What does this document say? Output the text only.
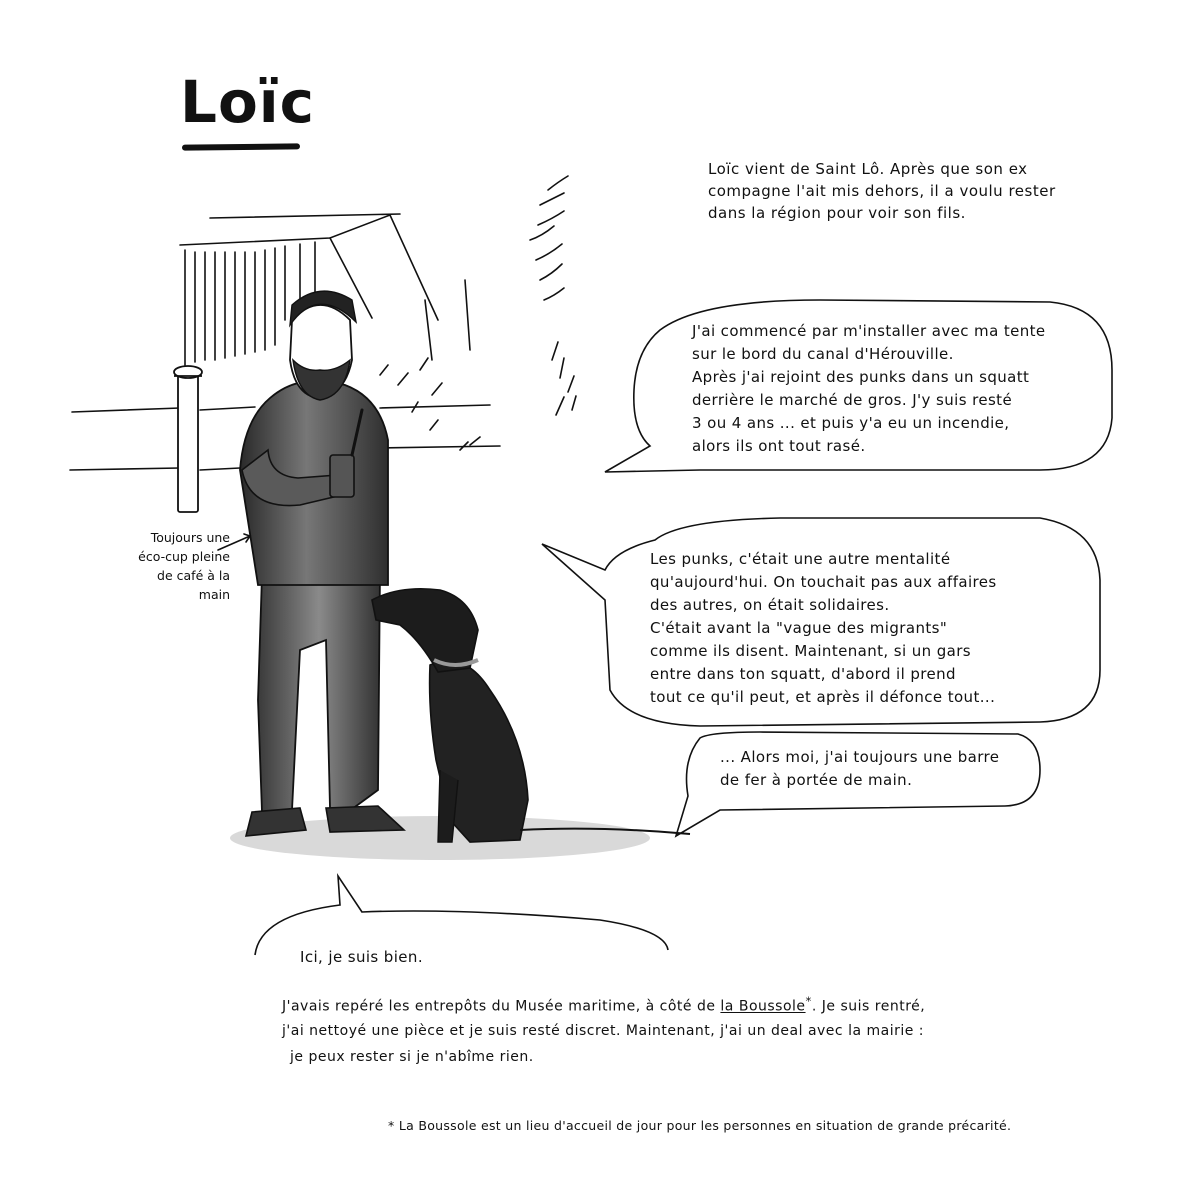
Loïc
Loïc vient de Saint Lô. Après que son ex
compagne l'ait mis dehors, il a voulu rester
dans la région pour voir son fils.
Toujours une
éco-cup pleine
de café à la
main
J'ai commencé par m'installer avec ma tente
sur le bord du canal d'Hérouville.
Après j'ai rejoint des punks dans un squatt
derrière le marché de gros. J'y suis resté
3 ou 4 ans ... et puis y'a eu un incendie,
alors ils ont tout rasé.
Les punks, c'était une autre mentalité
qu'aujourd'hui. On touchait pas aux affaires
des autres, on était solidaires.
C'était avant la "vague des migrants"
comme ils disent. Maintenant, si un gars
entre dans ton squatt, d'abord il prend
tout ce qu'il peut, et après il défonce tout...
... Alors moi, j'ai toujours une barre
de fer à portée de main.
Ici, je suis bien.
J'avais repéré les entrepôts du Musée maritime, à côté de la Boussole*. Je suis rentré,
j'ai nettoyé une pièce et je suis resté discret. Maintenant, j'ai un deal avec la mairie :
je peux rester si je n'abîme rien.
* La Boussole est un lieu d'accueil de jour pour les personnes en situation de grande précarité.
